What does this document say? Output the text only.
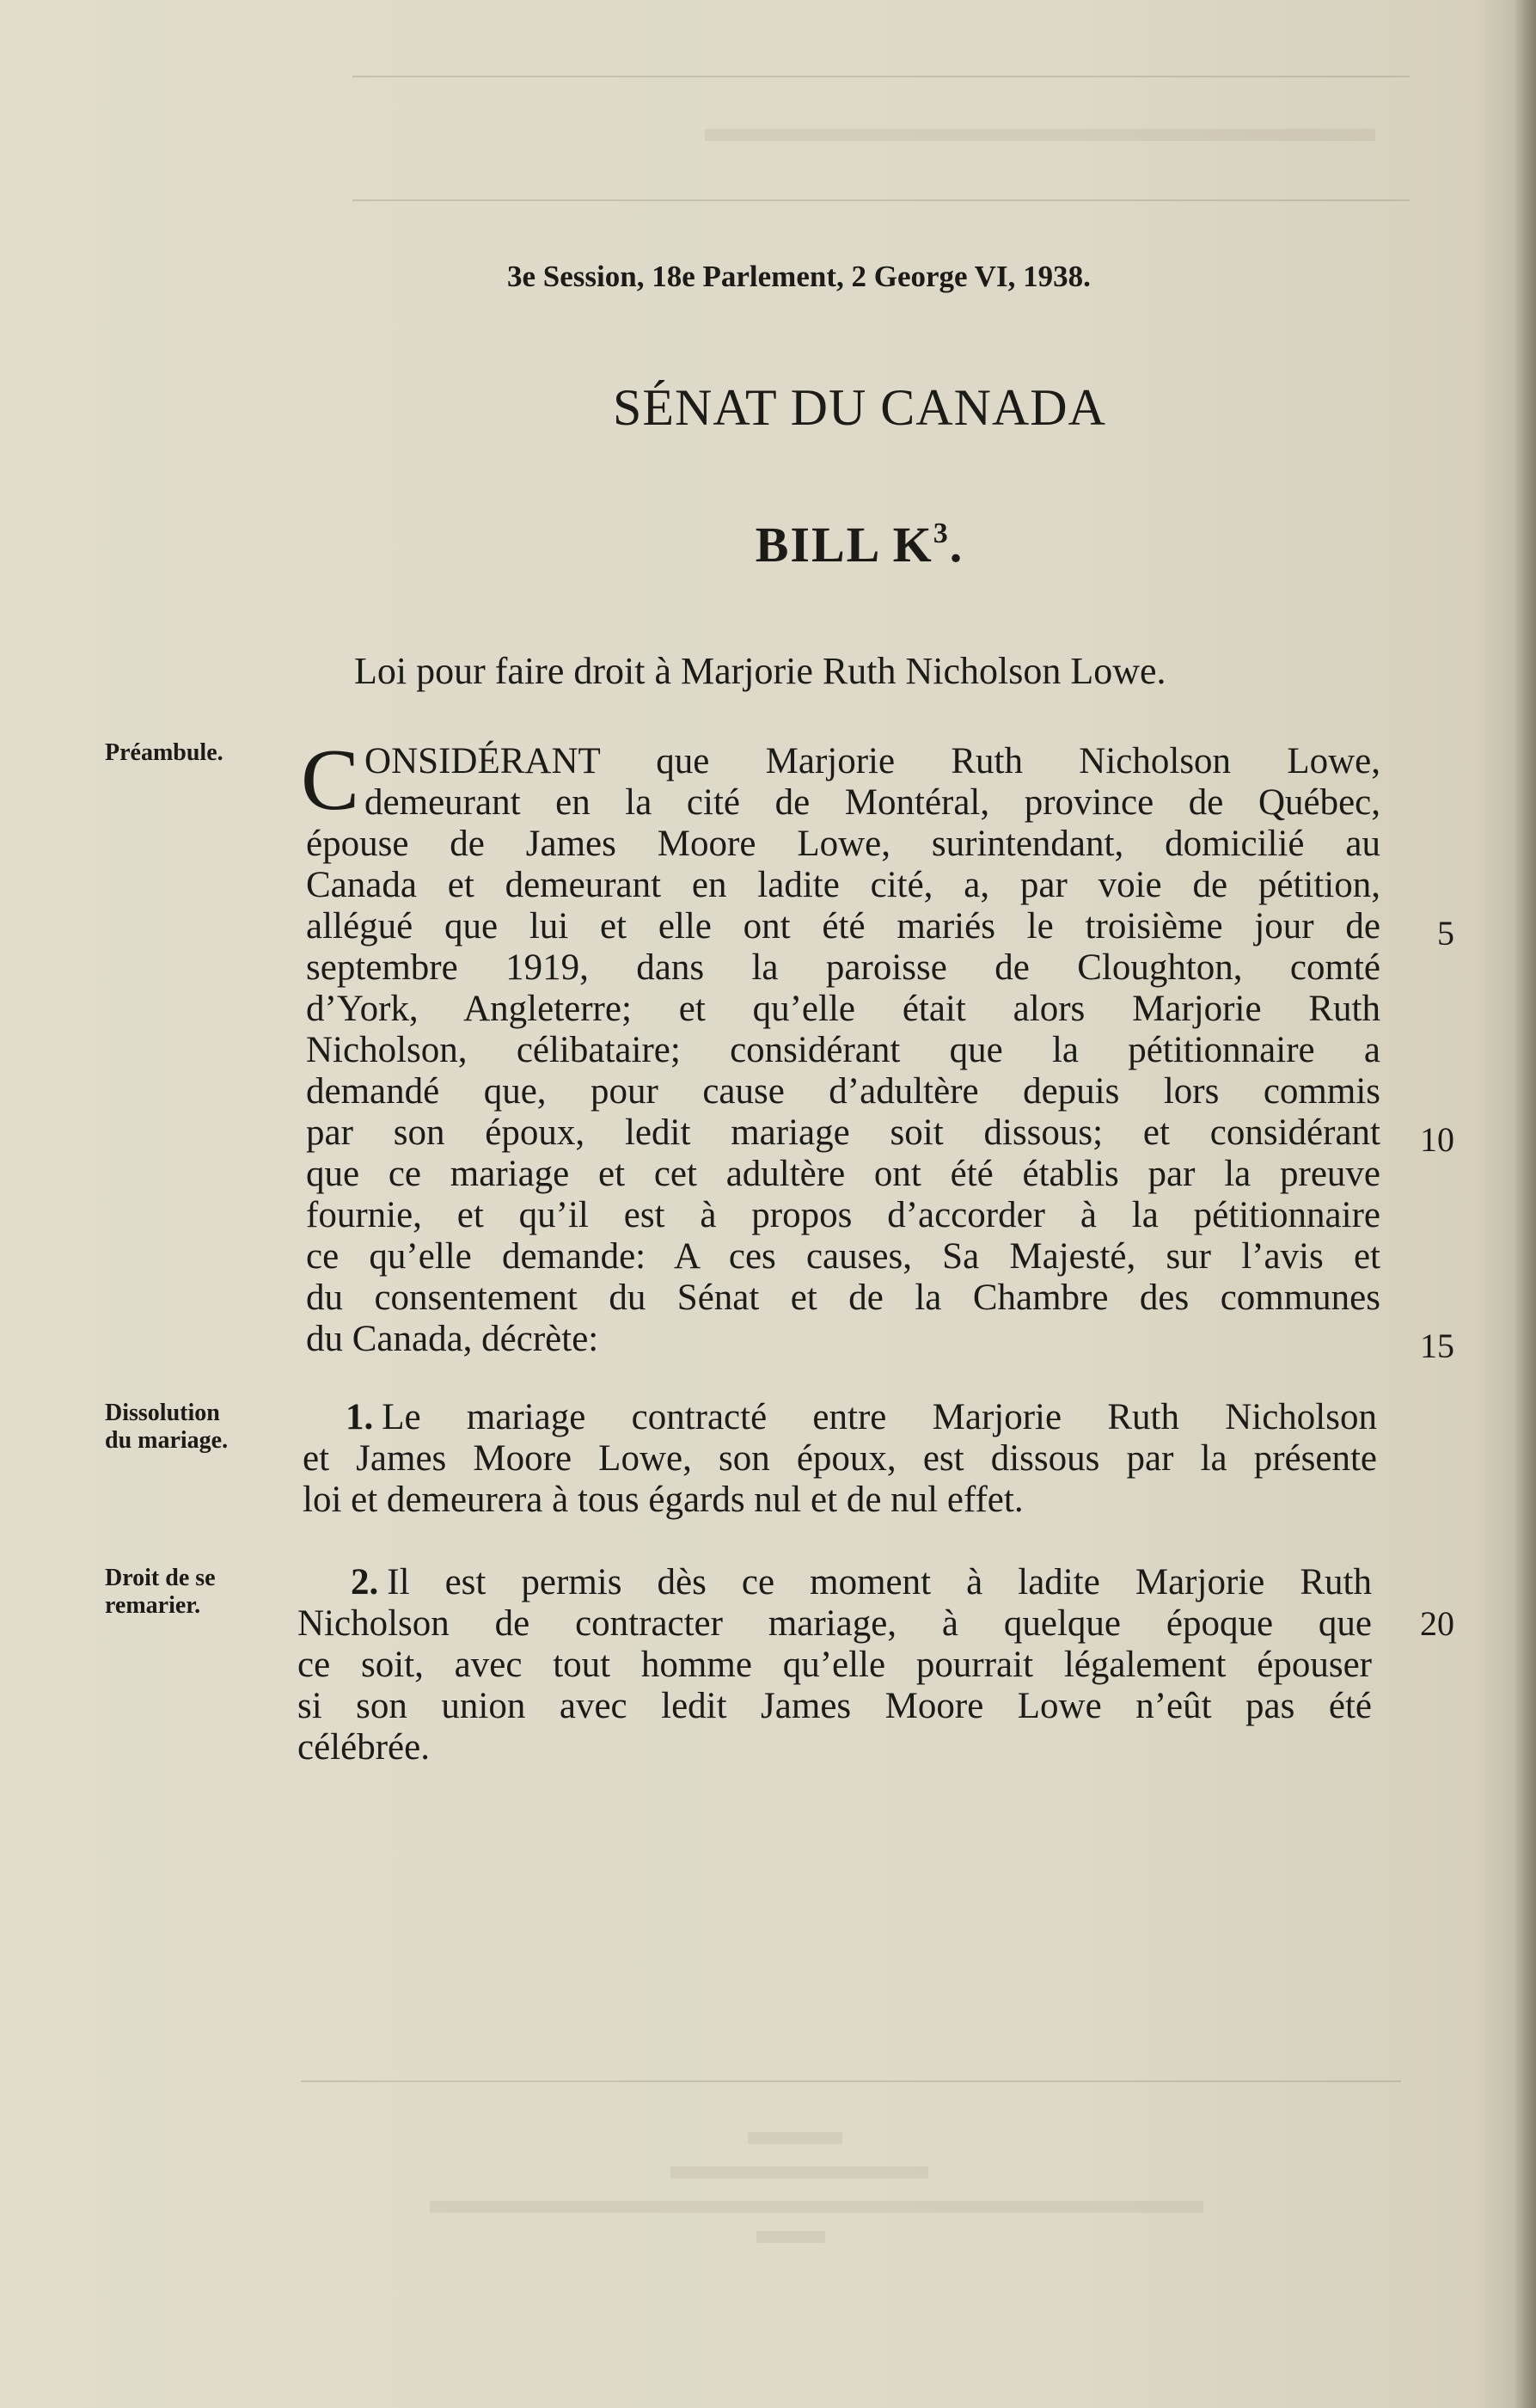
3e Session, 18e Parlement, 2 George VI, 1938.
SÉNAT DU CANADA
BILL $K^3$.
Loi pour faire droit à Marjorie Ruth Nicholson Lowe.
Préambule.
Dissolution
du mariage.
Droit de se
remarier.
C ONSIDÉRANT que Marjorie Ruth Nicholson Lowe,
demeurant en la cité de Montéral, province de Québec,
épouse de James Moore Lowe, surintendant, domicilié au
Canada et demeurant en ladite cité, a, par voie de pétition,
allégué que lui et elle ont été mariés le troisième jour de
septembre 1919, dans la paroisse de Cloughton, comté
d’York, Angleterre; et qu’elle était alors Marjorie Ruth
Nicholson, célibataire; considérant que la pétitionnaire a
demandé que, pour cause d’adultère depuis lors commis
par son époux, ledit mariage soit dissous; et considérant
que ce mariage et cet adultère ont été établis par la preuve
fournie, et qu’il est à propos d’accorder à la pétitionnaire
ce qu’elle demande: A ces causes, Sa Majesté, sur l’avis et
du consentement du Sénat et de la Chambre des communes
du Canada, décrète:
1. Le mariage contracté entre Marjorie Ruth Nicholson
et James Moore Lowe, son époux, est dissous par la présente
loi et demeurera à tous égards nul et de nul effet.
2. Il est permis dès ce moment à ladite Marjorie Ruth
Nicholson de contracter mariage, à quelque époque que
ce soit, avec tout homme qu’elle pourrait légalement épouser
si son union avec ledit James Moore Lowe n’eût pas été
célébrée.
5
10
15
20
